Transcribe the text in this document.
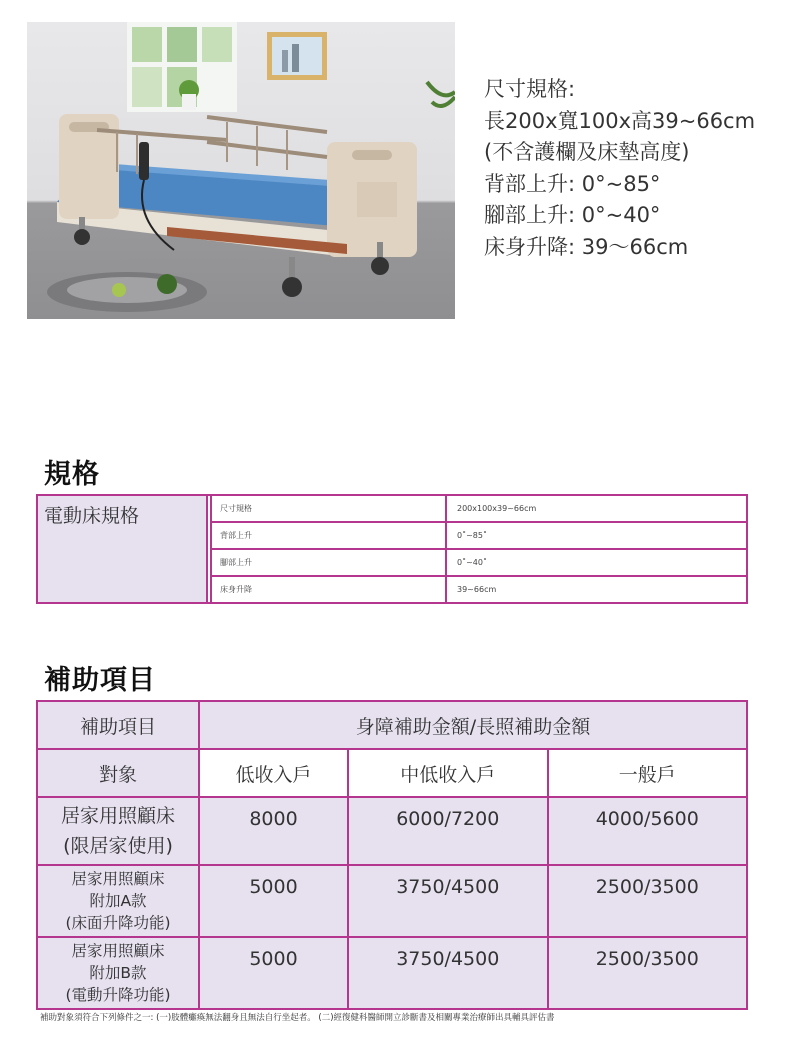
尺寸規格:
長200x寬100x高39~66cm
(不含護欄及床墊高度)
背部上升: 0°~85°
腳部上升: 0°~40°
床身升降: 39～66cm
規格
電動床規格		尺寸規格	200x100x39~66cm
		背部上升	0˚~85˚
		腳部上升	0˚~40˚
		床身升降	39~66cm
補助項目
補助項目	身障補助金額/長照補助金額		
對象	低收入戶	中低收入戶	一般戶

居家用照顧床
(限居家使用)	8000	6000/7200	4000/5600

居家用照顧床
附加A款
(床面升降功能)	5000	3750/4500	2500/3500

居家用照顧床
附加B款
(電動升降功能)	5000	3750/4500	2500/3500
補助對象須符合下列條件之一: (一)肢體癱瘓無法翻身且無法自行坐起者。 (二)經復健科醫師開立診斷書及相關專業治療師出具輔具評估書
